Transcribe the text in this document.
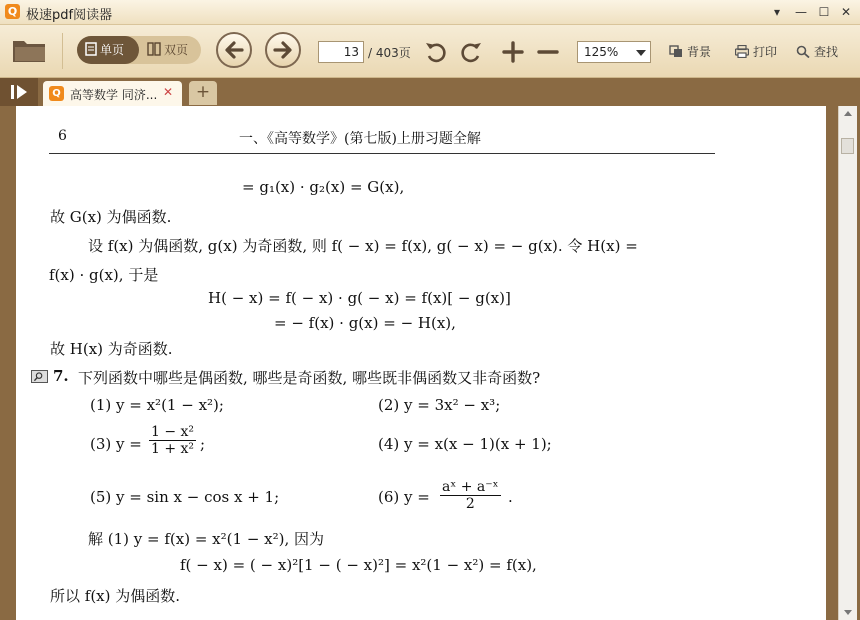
Q 极速pdf阅读器	▾	— ☐ ✕
单页	双页	13 / 403页	125%	背景	打印	查找
Q 高等数学 同济... ✕	+
6	一、《高等数学》(第七版)上册习题全解
= g₁(x) · g₂(x) = G(x),
故 G(x) 为偶函数.
设 f(x) 为偶函数, g(x) 为奇函数, 则 f( − x) = f(x), g( − x) = − g(x). 令 H(x) =
f(x) · g(x), 于是
H( − x) = f( − x) · g( − x) = f(x)[ − g(x)]
= − f(x) · g(x) = − H(x),
故 H(x) 为奇函数.
7. 下列函数中哪些是偶函数, 哪些是奇函数, 哪些既非偶函数又非奇函数?
(1) y = x²(1 − x²);	(2) y = 3x² − x³;
(3) $y = \frac{\text{1 − x²}}{\text{1 + x²}}$ ;	(4) y = x(x − 1)(x + 1);
(5) y = sin x − cos x + 1;	(6) $y = \frac{\text{aˣ + a⁻ˣ}}{2}$ .
解 (1) y = f(x) = x²(1 − x²), 因为
f( − x) = ( − x)²[1 − ( − x)²] = x²(1 − x²) = f(x),
所以 f(x) 为偶函数.
